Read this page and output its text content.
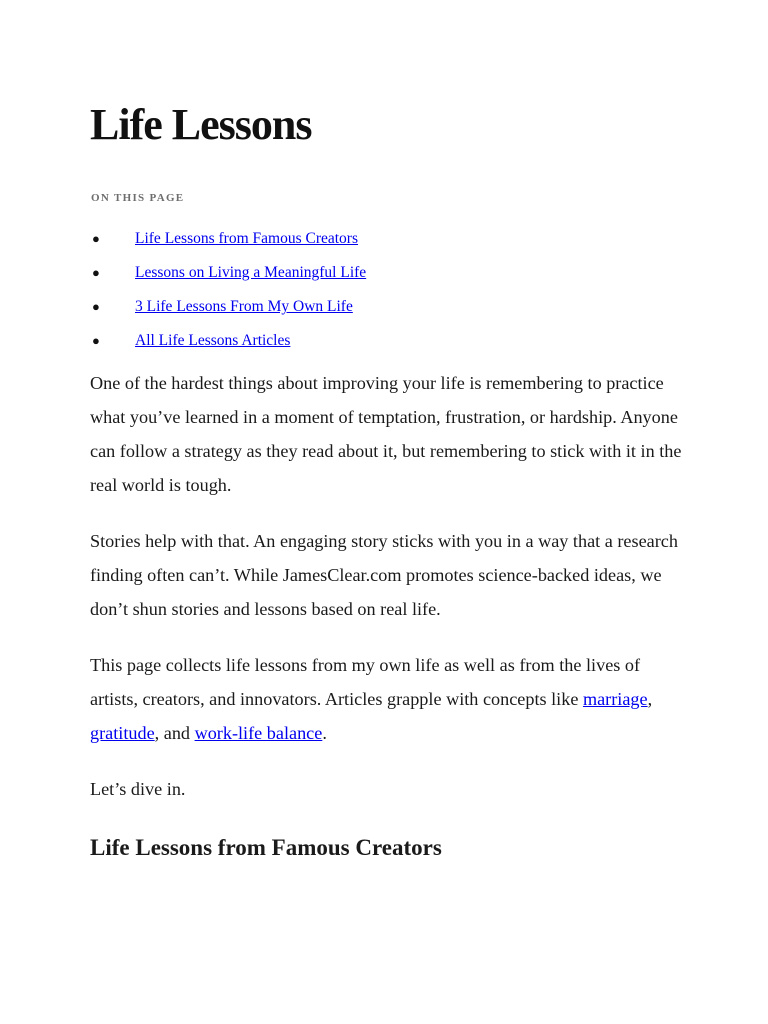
Life Lessons

ON THIS PAGE

● Life Lessons from Famous Creators
● Lessons on Living a Meaningful Life
● 3 Life Lessons From My Own Life
● All Life Lessons Articles

One of the hardest things about improving your life is remembering to practice what you’ve learned in a moment of temptation, frustration, or hardship. Anyone can follow a strategy as they read about it, but remembering to stick with it in the real world is tough.

Stories help with that. An engaging story sticks with you in a way that a research finding often can’t. While JamesClear.com promotes science-backed ideas, we don’t shun stories and lessons based on real life.

This page collects life lessons from my own life as well as from the lives of artists, creators, and innovators. Articles grapple with concepts like marriage, gratitude, and work-life balance.

Let’s dive in.

Life Lessons from Famous Creators
